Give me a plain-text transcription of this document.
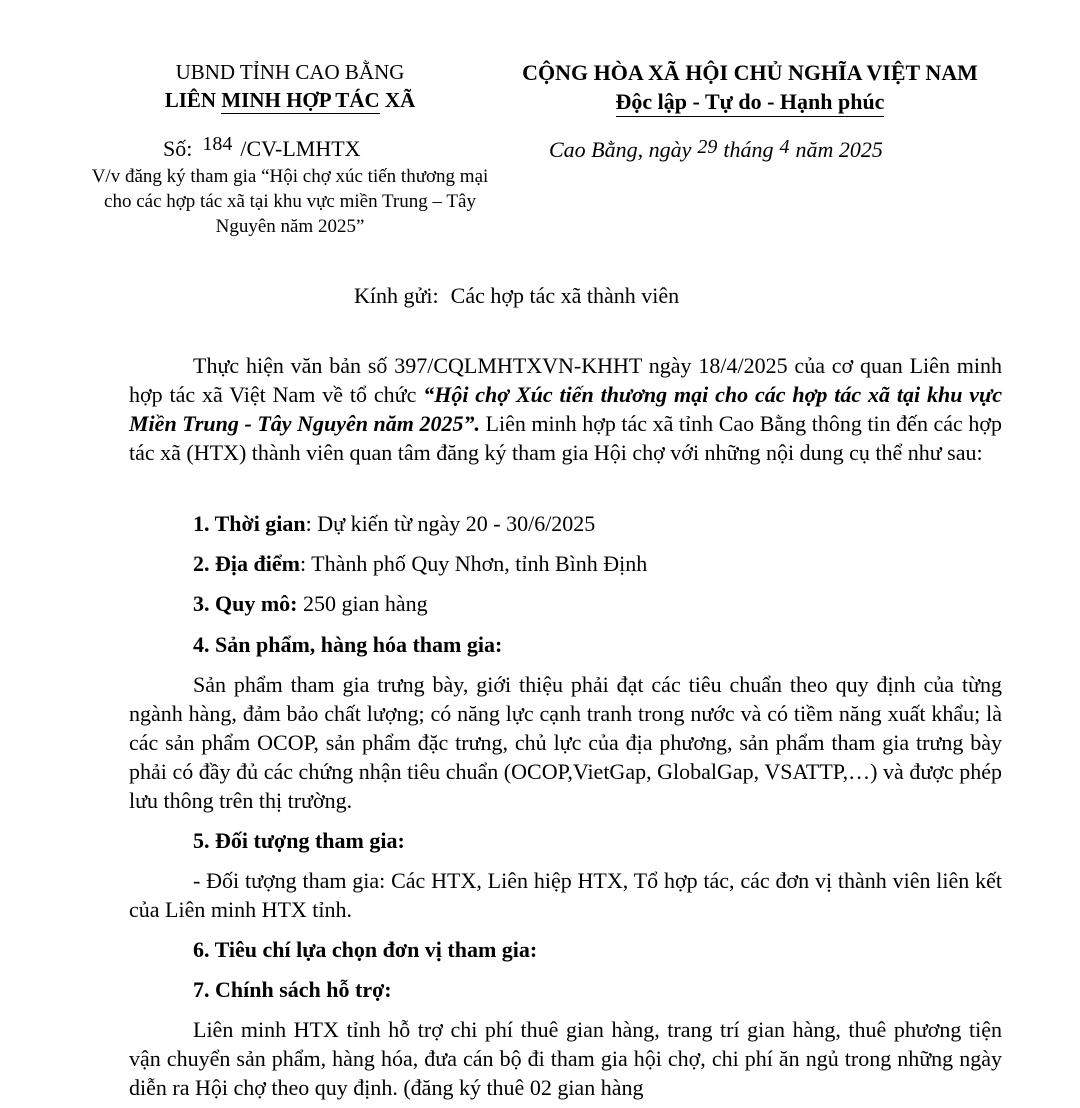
UBND TỈNH CAO BẰNG
LIÊN MINH HỢP TÁC XÃ
CỘNG HÒA XÃ HỘI CHỦ NGHĨA VIỆT NAM
Độc lập - Tự do - Hạnh phúc
Số: 184 /CV-LMHTX
V/v đăng ký tham gia “Hội chợ xúc tiến thương mại cho các hợp tác xã tại khu vực miền Trung – Tây Nguyên năm 2025”
Cao Bằng, ngày 29 tháng 4 năm 2025
Kính gửi: Các hợp tác xã thành viên
Thực hiện văn bản số 397/CQLMHTXVN-KHHT ngày 18/4/2025 của cơ quan Liên minh hợp tác xã Việt Nam về tổ chức “Hội chợ Xúc tiến thương mại cho các hợp tác xã tại khu vực Miền Trung - Tây Nguyên năm 2025”. Liên minh hợp tác xã tỉnh Cao Bằng thông tin đến các hợp tác xã (HTX) thành viên quan tâm đăng ký tham gia Hội chợ với những nội dung cụ thể như sau:
1. Thời gian: Dự kiến từ ngày 20 - 30/6/2025
2. Địa điểm: Thành phố Quy Nhơn, tỉnh Bình Định
3. Quy mô: 250 gian hàng
4. Sản phẩm, hàng hóa tham gia:
Sản phẩm tham gia trưng bày, giới thiệu phải đạt các tiêu chuẩn theo quy định của từng ngành hàng, đảm bảo chất lượng; có năng lực cạnh tranh trong nước và có tiềm năng xuất khẩu; là các sản phẩm OCOP, sản phẩm đặc trưng, chủ lực của địa phương, sản phẩm tham gia trưng bày phải có đầy đủ các chứng nhận tiêu chuẩn (OCOP,VietGap, GlobalGap, VSATTP,…) và được phép lưu thông trên thị trường.
5. Đối tượng tham gia:
- Đối tượng tham gia: Các HTX, Liên hiệp HTX, Tổ hợp tác, các đơn vị thành viên liên kết của Liên minh HTX tỉnh.
6. Tiêu chí lựa chọn đơn vị tham gia:
7. Chính sách hỗ trợ:
Liên minh HTX tỉnh hỗ trợ chi phí thuê gian hàng, trang trí gian hàng, thuê phương tiện vận chuyển sản phẩm, hàng hóa, đưa cán bộ đi tham gia hội chợ, chi phí ăn ngủ trong những ngày diễn ra Hội chợ theo quy định. (đăng ký thuê 02 gian hàng
